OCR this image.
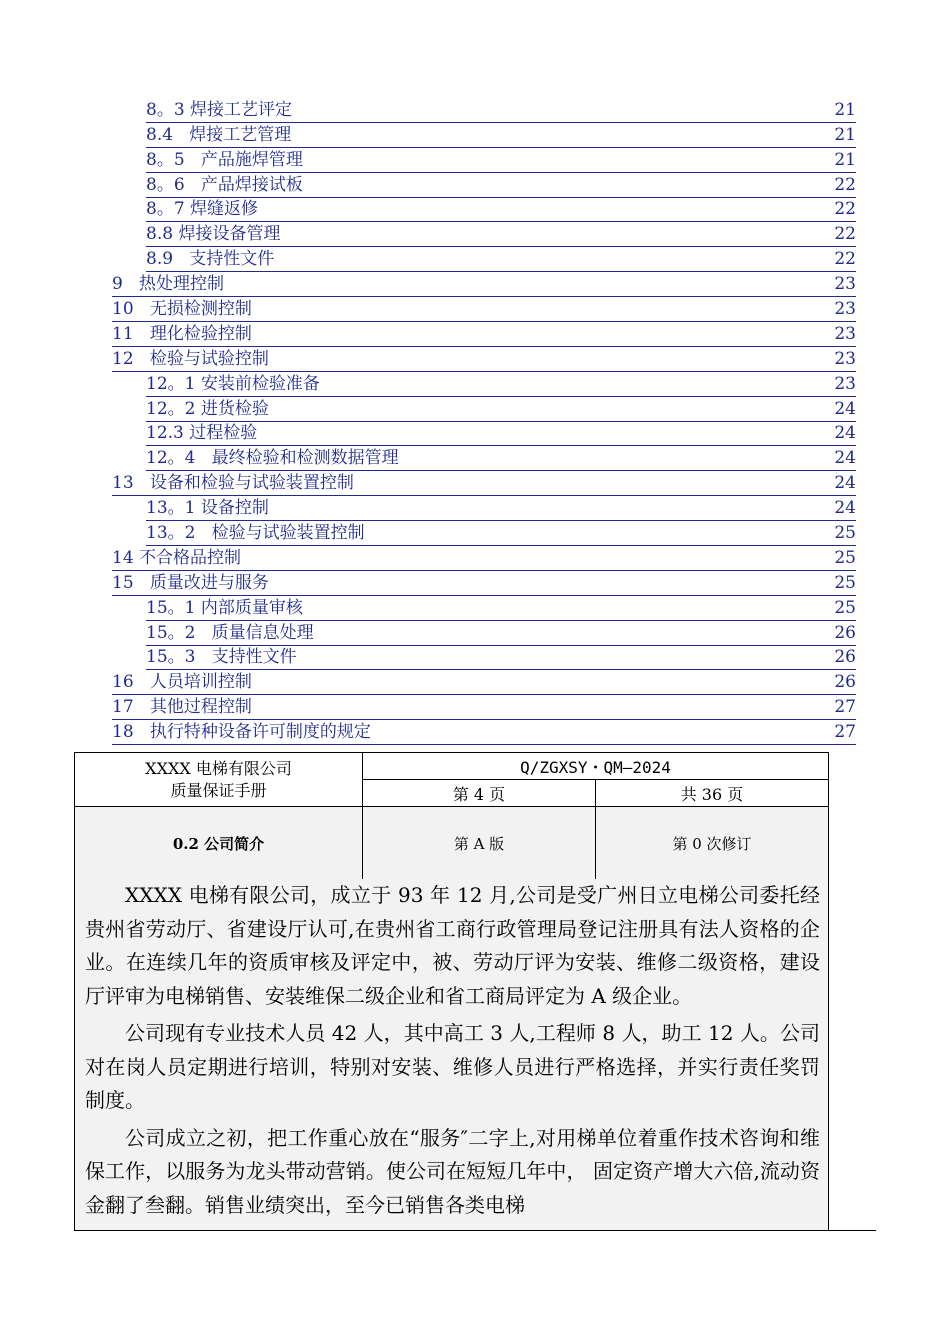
8。3 焊接工艺评定	21
8.4   焊接工艺管理	21
8。5   产品施焊管理	21
8。6   产品焊接试板	22
8。7 焊缝返修	22
8.8 焊接设备管理	22
8.9   支持性文件	22
9   热处理控制	23
10   无损检测控制	23
11   理化检验控制	23
12   检验与试验控制	23
12。1 安装前检验准备	23
12。2 进货检验	24
12.3 过程检验	24
12。4   最终检验和检测数据管理	24
13   设备和检验与试验装置控制	24
13。1 设备控制	24
13。2   检验与试验装置控制	25
14 不合格品控制	25
15   质量改进与服务	25
15。1 内部质量审核	25
15。2   质量信息处理	26
15。3   支持性文件	26
16   人员培训控制	26
17   其他过程控制	27
18   执行特种设备许可制度的规定	27
XXXX 电梯有限公司
质量保证手册	Q/ZGXSY・QM—2024	
	第 4 页	共 36 页
0.2 公司简介	第 A 版	第 0 次修订

XXXX 电梯有限公司，成立于 93 年 12 月,公司是受广州日立电梯公司委托经贵州省劳动厅、省建设厅认可,在贵州省工商行政管理局登记注册具有法人资格的企业。在连续几年的资质审核及评定中，被、劳动厅评为安装、维修二级资格，建设厅评审为电梯销售、安装维保二级企业和省工商局评定为 A 级企业。

公司现有专业技术人员 42 人，其中高工 3 人,工程师 8 人，助工 12 人。公司对在岗人员定期进行培训，特别对安装、维修人员进行严格选择，并实行责任奖罚制度。

公司成立之初，把工作重心放在“服务″二字上,对用梯单位着重作技术咨询和维保工作，以服务为龙头带动营销。使公司在短短几年中， 固定资产增大六倍,流动资金翻了叁翻。销售业绩突出，至今已销售各类电梯
